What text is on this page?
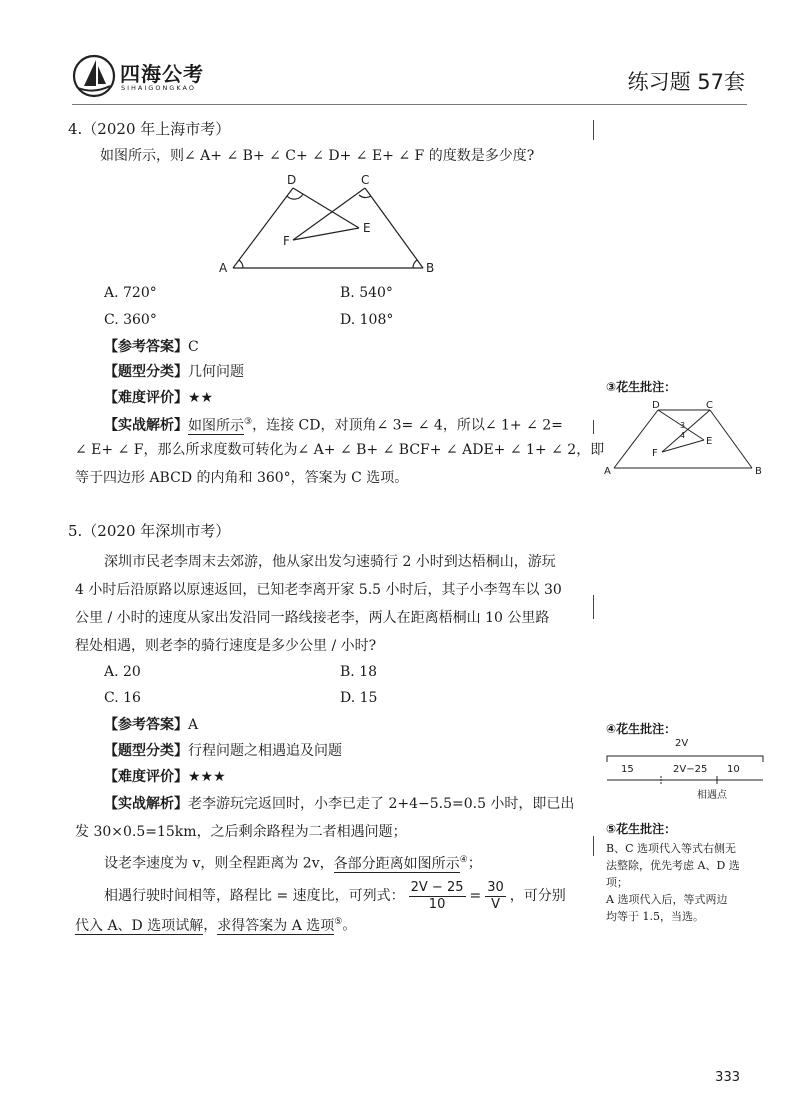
四海公考
SIHAIGONGKAO	练习题 57套
4.（2020 年上海市考）
如图所示，则∠ A+ ∠ B+ ∠ C+ ∠ D+ ∠ E+ ∠ F 的度数是多少度?
D	C
E
F
A	B
A. 720°	B. 540°
C. 360°	D. 108°
【参考答案】C
【题型分类】几何问题
【难度评价】★★
【实战解析】如图所示③，连接 CD，对顶角∠ 3= ∠ 4，所以∠ 1+ ∠ 2=
∠ E+ ∠ F，那么所求度数可转化为∠ A+ ∠ B+ ∠ BCF+ ∠ ADE+ ∠ 1+ ∠ 2，即
等于四边形 ABCD 的内角和 360°，答案为 C 选项。
5.（2020 年深圳市考）
深圳市民老李周末去郊游，他从家出发匀速骑行 2 小时到达梧桐山，游玩
4 小时后沿原路以原速返回，已知老李离开家 5.5 小时后，其子小李驾车以 30
公里 / 小时的速度从家出发沿同一路线接老李，两人在距离梧桐山 10 公里路
程处相遇，则老李的骑行速度是多少公里 / 小时?
A. 20	B. 18
C. 16	D. 15
【参考答案】A
【题型分类】行程问题之相遇追及问题
【难度评价】★★★
【实战解析】老李游玩完返回时，小李已走了 2+4−5.5=0.5 小时，即已出
发 30×0.5=15km，之后剩余路程为二者相遇问题；
设老李速度为 v，则全程距离为 2v，各部分距离如图所示④；
相遇行驶时间相等，路程比 = 速度比，可列式： $\frac{2V - 25}{10} = \frac{30}{V}$ ，可分别
代入 A、D 选项试解，求得答案为 A 选项⑤。
③花生批注：
D	C
3
4
E
F
A	B
④花生批注：
2V
15	2V−25 10
相遇点
⑤花生批注：
B、C 选项代入等式右侧无
法整除，优先考虑 A、D 选
项；
A 选项代入后，等式两边
均等于 1.5，当选。
333
